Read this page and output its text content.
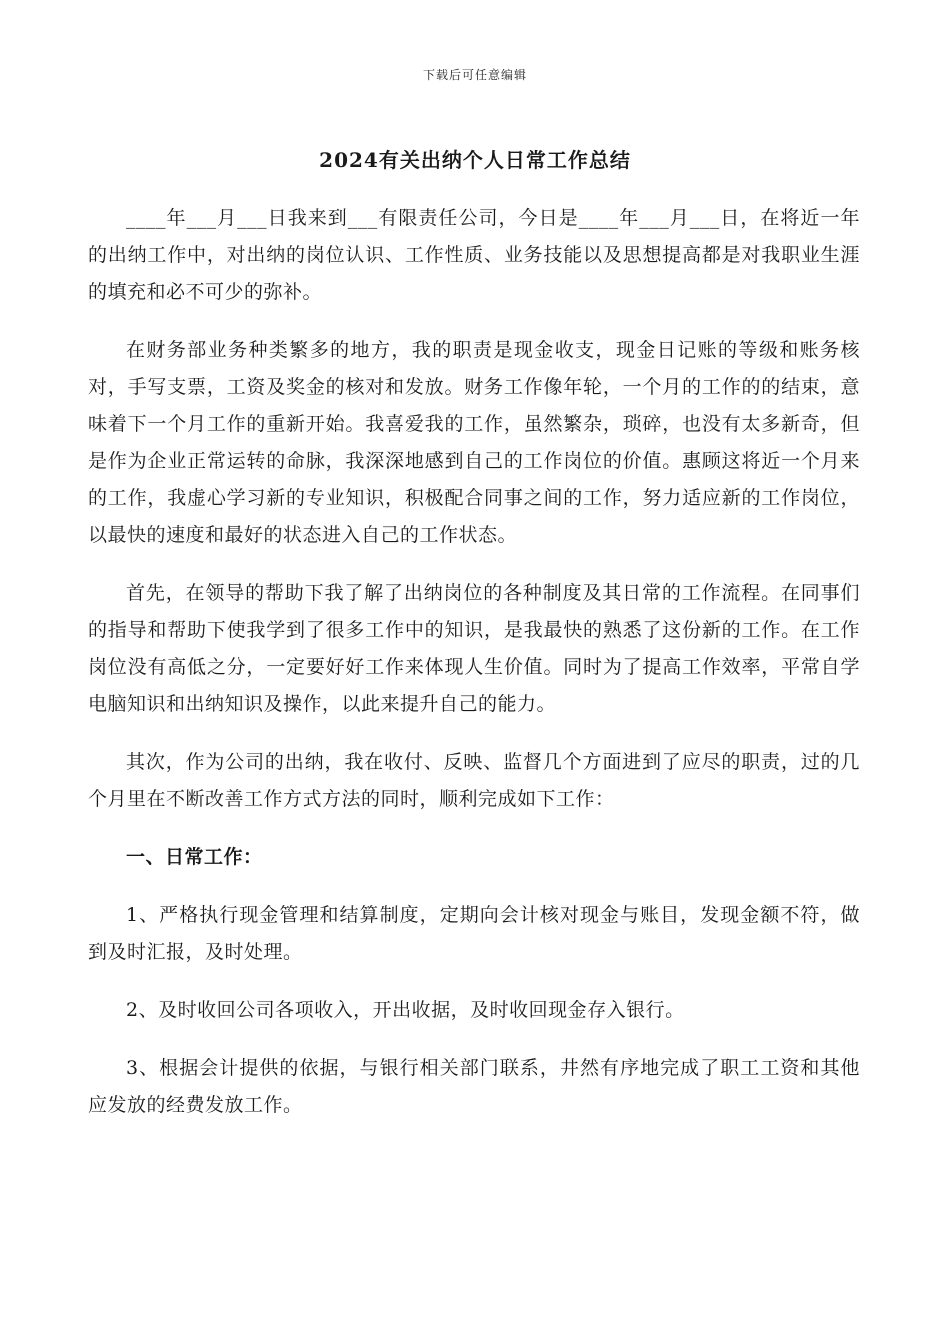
下载后可任意编辑
2024有关出纳个人日常工作总结

____年___月___日我来到___有限责任公司，今日是____年___月___日，在将近一年的出纳工作中，对出纳的岗位认识、工作性质、业务技能以及思想提高都是对我职业生涯的填充和必不可少的弥补。

在财务部业务种类繁多的地方，我的职责是现金收支，现金日记账的等级和账务核对，手写支票，工资及奖金的核对和发放。财务工作像年轮，一个月的工作的的结束，意味着下一个月工作的重新开始。我喜爱我的工作，虽然繁杂，琐碎，也没有太多新奇，但是作为企业正常运转的命脉，我深深地感到自己的工作岗位的价值。惠顾这将近一个月来的工作，我虚心学习新的专业知识，积极配合同事之间的工作，努力适应新的工作岗位，以最快的速度和最好的状态进入自己的工作状态。

首先，在领导的帮助下我了解了出纳岗位的各种制度及其日常的工作流程。在同事们的指导和帮助下使我学到了很多工作中的知识，是我最快的熟悉了这份新的工作。在工作岗位没有高低之分，一定要好好工作来体现人生价值。同时为了提高工作效率，平常自学电脑知识和出纳知识及操作，以此来提升自己的能力。

其次，作为公司的出纳，我在收付、反映、监督几个方面进到了应尽的职责，过的几个月里在不断改善工作方式方法的同时，顺利完成如下工作：

一、日常工作：

1、严格执行现金管理和结算制度，定期向会计核对现金与账目，发现金额不符，做到及时汇报，及时处理。

2、及时收回公司各项收入，开出收据，及时收回现金存入银行。

3、根据会计提供的依据，与银行相关部门联系，井然有序地完成了职工工资和其他应发放的经费发放工作。
